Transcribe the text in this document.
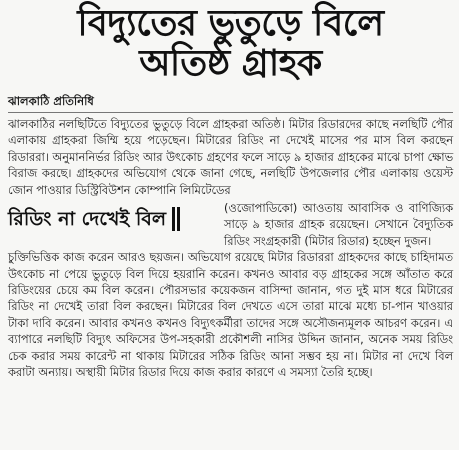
বিদ্যুতের ভুতুড়ে বিলে
অতিষ্ঠ গ্রাহক
ঝালকাঠি প্রতিনিধি

ঝালকাঠির নলছিটিতে বিদ্যুতের ভুতুড়ে বিলে গ্রাহকরা অতিষ্ঠ। মিটার রিডারদের কাছে নলছিটি পৌর এলাকায় গ্রাহকরা জিম্মি হয়ে পড়েছেন। মিটারের রিডিং না দেখেই মাসের পর মাস বিল করছেন রিডাররা। অনুমাননির্ভর রিডিং আর উৎকোচ গ্রহণের ফলে সাড়ে ৯ হাজার গ্রাহকের মাঝে চাপা ক্ষোভ বিরাজ করছে। গ্রাহকদের অভিযোগ থেকে জানা গেছে, নলছিটি উপজেলার পৌর এলাকায় ওয়েস্ট জোন পাওয়ার ডিস্ট্রিবিউশন কোম্পানি লিমিটেডের

রিডিং না দেখেই বিল	(ওজোপাডিকো) আওতায় আবাসিক ও বাণিজ্যিক সাড়ে ৯ হাজার গ্রাহক রয়েছেন। সেখানে বৈদ্যুতিক রিডিং সংগ্রহকারী (মিটার রিডার) হচ্ছেন দুজন।

চুক্তিভিত্তিক কাজ করেন আরও ছয়জন। অভিযোগ রয়েছে মিটার রিডাররা গ্রাহকদের কাছে চাহিদামত উৎকোচ না পেয়ে ভুতুড়ে বিল দিয়ে হয়রানি করেন। কখনও আবার বড় গ্রাহকের সঙ্গে আঁতাত করে রিডিংয়ের চেয়ে কম বিল করেন। পৌরসভার কয়েকজন বাসিন্দা জানান, গত দুই মাস ধরে মিটারের রিডিং না দেখেই তারা বিল করছেন। মিটারের বিল দেখতে এসে তারা মাঝে মধ্যে চা-পান খাওয়ার টাকা দাবি করেন। আবার কখনও কখনও বিদ্যুৎকর্মীরা তাদের সঙ্গে অসৌজন্যমূলক আচরণ করেন। এ ব্যাপারে নলছিটি বিদ্যুৎ অফিসের উপ-সহকারী প্রকৌশলী নাসির উদ্দিন জানান, অনেক সময় রিডিং চেক করার সময় কারেন্ট না থাকায় মিটারের সঠিক রিডিং আনা সম্ভব হয় না। মিটার না দেখে বিল করাটা অন্যায়। অস্থায়ী মিটার রিডার দিয়ে কাজ করার কারণে এ সমস্যা তৈরি হচ্ছে।
